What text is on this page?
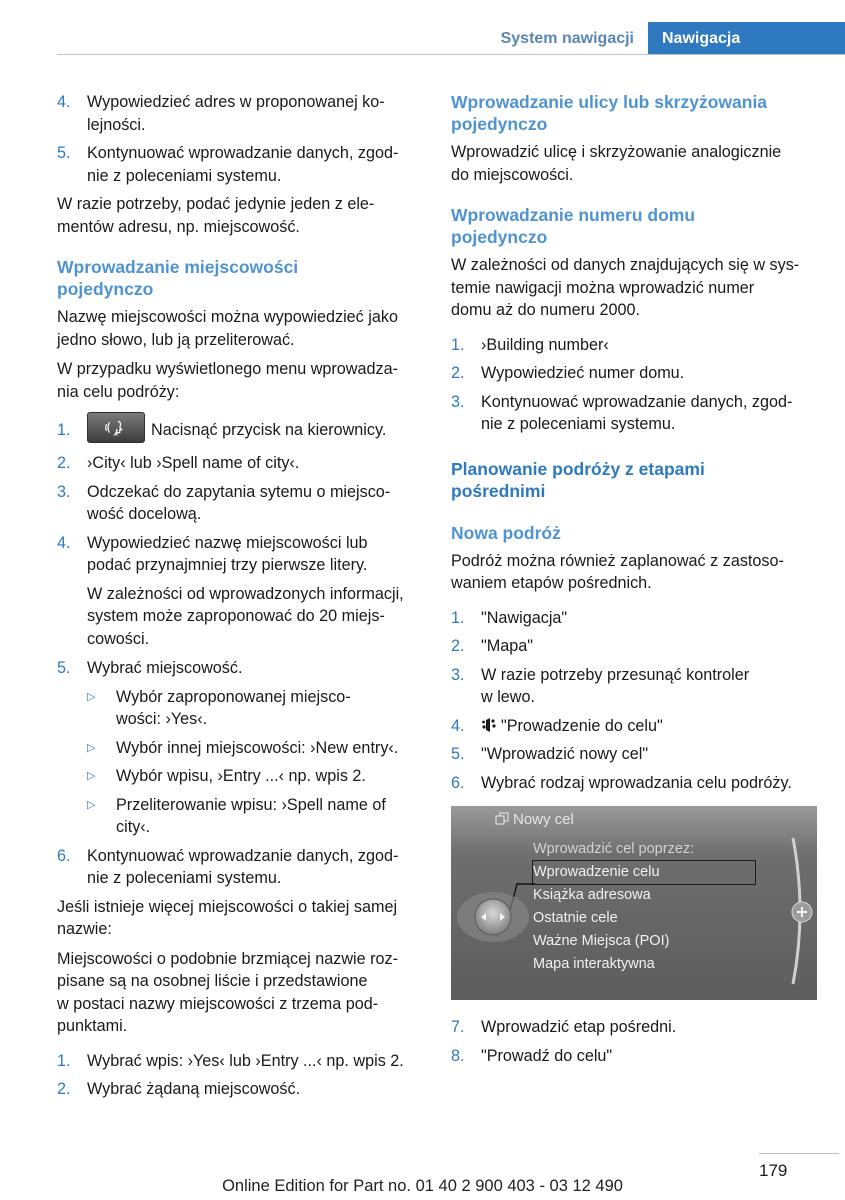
System nawigacji	Nawigacja
4.	Wypowiedzieć adres w proponowanej ko-
lejności.
5.	Kontynuować wprowadzanie danych, zgod-
nie z poleceniami systemu.

W razie potrzeby, podać jedynie jeden z ele-
mentów adresu, np. miejscowość.

Wprowadzanie miejscowości
pojedynczo

Nazwę miejscowości można wypowiedzieć jako
jedno słowo, lub ją przeliterować.

W przypadku wyświetlonego menu wprowadza-
nia celu podróży:

1.	Nacisnąć przycisk na kierownicy.
2.	›City‹ lub ›Spell name of city‹.
3.	Odczekać do zapytania sytemu o miejsco-
wość docelową.
4.	Wypowiedzieć nazwę miejscowości lub
podać przynajmniej trzy pierwsze litery.

W zależności od wprowadzonych informacji,
system może zaproponować do 20 miejs-
cowości.

5.	Wybrać miejscowość.
▷	Wybór zaproponowanej miejsco-
wości: ›Yes‹.
▷	Wybór innej miejscowości: ›New entry‹.
▷	Wybór wpisu, ›Entry ...‹ np. wpis 2.
▷	Przeliterowanie wpisu: ›Spell name of
city‹.
6.	Kontynuować wprowadzanie danych, zgod-
nie z poleceniami systemu.

Jeśli istnieje więcej miejscowości o takiej samej
nazwie:

Miejscowości o podobnie brzmiącej nazwie roz-
pisane są na osobnej liście i przedstawione
w postaci nazwy miejscowości z trzema pod-
punktami.

1.	Wybrać wpis: ›Yes‹ lub ›Entry ...‹ np. wpis 2.
2.	Wybrać żądaną miejscowość.
Wprowadzanie ulicy lub skrzyżowania
pojedynczo

Wprowadzić ulicę i skrzyżowanie analogicznie
do miejscowości.

Wprowadzanie numeru domu
pojedynczo

W zależności od danych znajdujących się w sys-
temie nawigacji można wprowadzić numer
domu aż do numeru 2000.

1.	›Building number‹
2.	Wypowiedzieć numer domu.
3.	Kontynuować wprowadzanie danych, zgod-
nie z poleceniami systemu.
Planowanie podróży z etapami
pośrednimi
Nowa podróż

Podróż można również zaplanować z zastoso-
waniem etapów pośrednich.

1.	"Nawigacja"
2.	"Mapa"
3.	W razie potrzeby przesunąć kontroler
w lewo.
4.	"Prowadzenie do celu"
5.	"Wprowadzić nowy cel"
6.	Wybrać rodzaj wprowadzania celu podróży.
Nowy cel
Wprowadzić cel poprzez:
Wprowadzenie celu
Książka adresowa
Ostatnie cele
Ważne Miejsca (POI)
Mapa interaktywna
7.	Wprowadzić etap pośredni.
8.	"Prowadź do celu"
179
Online Edition for Part no. 01 40 2 900 403 - 03 12 490
